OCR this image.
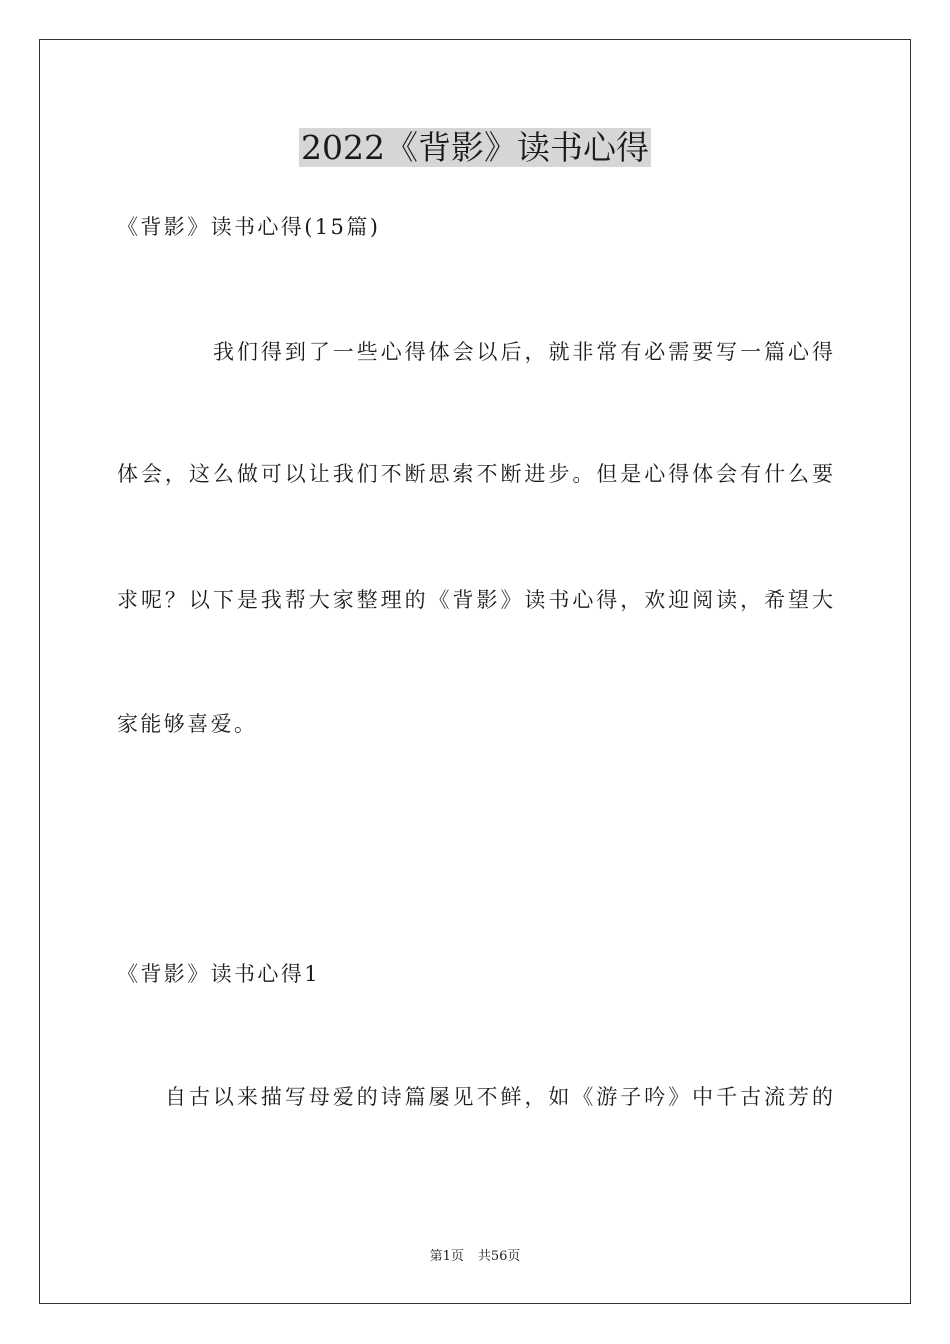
2022《背影》读书心得

《背影》读书心得(15篇)

我们得到了一些心得体会以后，就非常有必需要写一篇心得

体会，这么做可以让我们不断思索不断进步。但是心得体会有什么要

求呢？以下是我帮大家整理的《背影》读书心得，欢迎阅读，希望大

家能够喜爱。

《背影》读书心得1

自古以来描写母爱的诗篇屡见不鲜，如《游子吟》中千古流芳的

第1页 共56页
